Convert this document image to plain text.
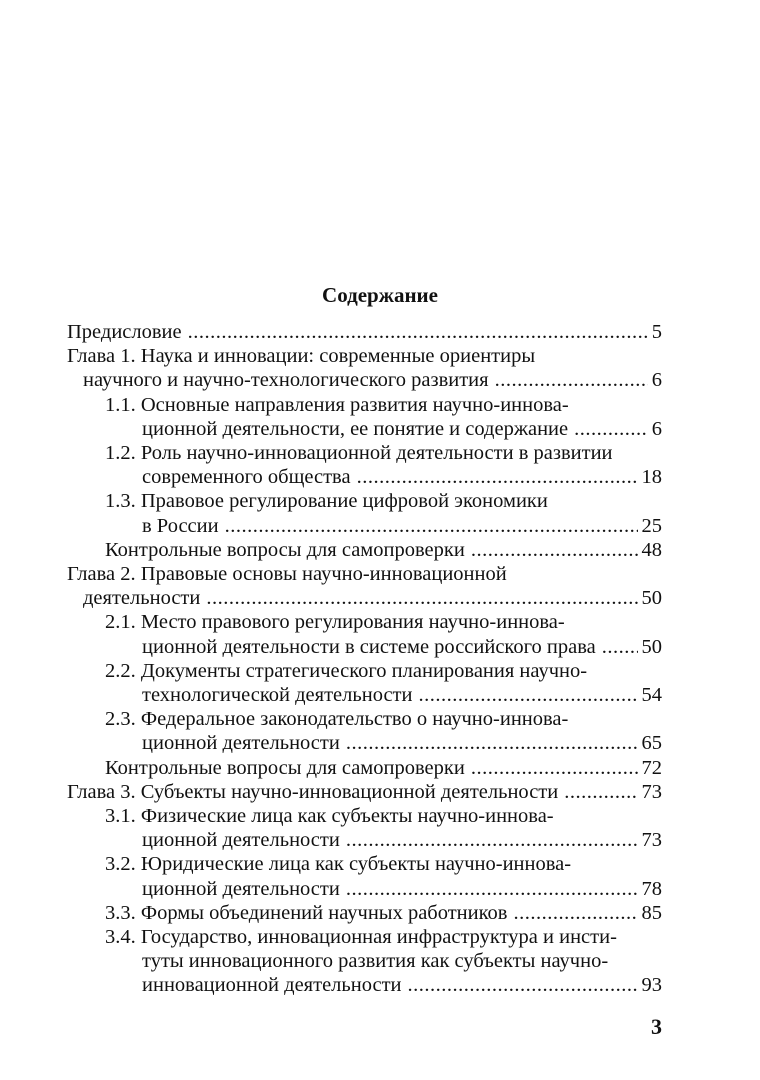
Содержание
Предисловие .....	5
Глава 1. Наука и инновации: современные ориентиры
научного и научно-технологического развития .....	6
1.1. Основные направления развития научно-иннова-
ционной деятельности, ее понятие и содержание .....	6
1.2. Роль научно-инновационной деятельности в развитии
современного общества .....	18
1.3. Правовое регулирование цифровой экономики
в России .....	25
Контрольные вопросы для самопроверки .....	48
Глава 2. Правовые основы научно-инновационной
деятельности .....	50
2.1. Место правового регулирования научно-иннова-
ционной деятельности в системе российского права ..... 50
2.2. Документы стратегического планирования научно-
технологической деятельности .....	54
2.3. Федеральное законодательство о научно-иннова-
ционной деятельности .....	65
Контрольные вопросы для самопроверки .....	72
Глава 3. Субъекты научно-инновационной деятельности .....	73
3.1. Физические лица как субъекты научно-иннова-
ционной деятельности .....	73
3.2. Юридические лица как субъекты научно-иннова-
ционной деятельности .....	78
3.3. Формы объединений научных работников .....	85
3.4. Государство, инновационная инфраструктура и инсти-
туты инновационного развития как субъекты научно-
инновационной деятельности .....	93
3
